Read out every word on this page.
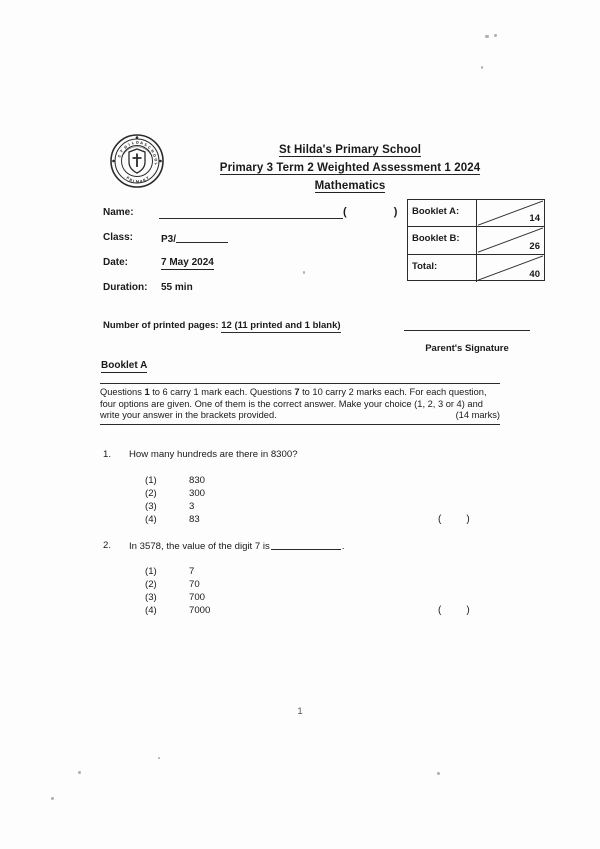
S
T
H
I L D A S
C
H
O
O
L
P
R I M A R
Y
St Hilda's Primary School
Primary 3 Term 2 Weighted Assessment 1 2024
Mathematics
Name:	( )
Class:	P3/
Date:	7 May 2024
Duration: 55 min
Booklet A:
14
Booklet B:
26
Total:
40
Number of printed pages: 12 (11 printed and 1 blank)
Parent's Signature
Booklet A
Questions 1 to 6 carry 1 mark each. Questions 7 to 10 carry 2 marks each. For each question,
four options are given. One of them is the correct answer. Make your choice (1, 2, 3 or 4) and
write your answer in the brackets provided.	(14 marks)
1. How many hundreds are there in 8300?
(1)	830
(2)	300
(3)	3
(4)	83	(	)
2. In 3578, the value of the digit 7 is	.
(1)	7
(2)	70
(3)	700
(4)	7000	(	)
1
